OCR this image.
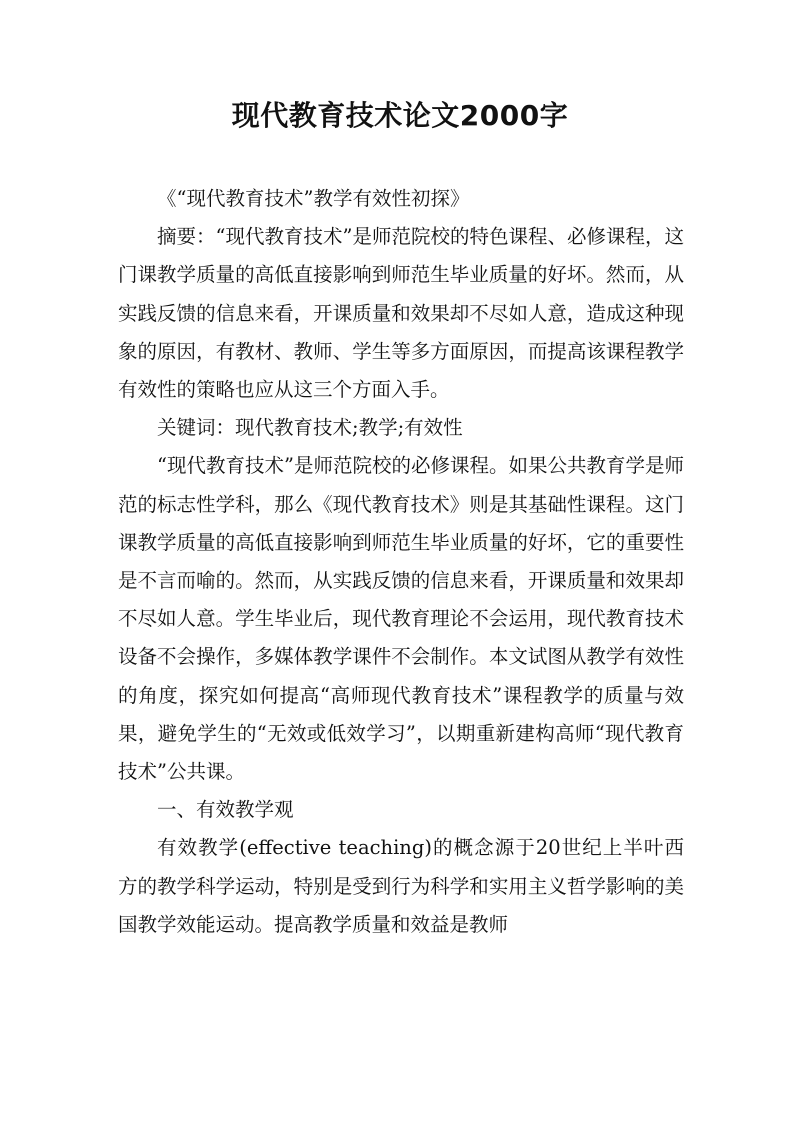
现代教育技术论文2000字

《“现代教育技术”教学有效性初探》

摘要：“现代教育技术”是师范院校的特色课程、必修课程，这门课教学质量的高低直接影响到师范生毕业质量的好坏。然而，从实践反馈的信息来看，开课质量和效果却不尽如人意，造成这种现象的原因，有教材、教师、学生等多方面原因，而提高该课程教学有效性的策略也应从这三个方面入手。

关键词：现代教育技术;教学;有效性

“现代教育技术”是师范院校的必修课程。如果公共教育学是师范的标志性学科，那么《现代教育技术》则是其基础性课程。这门课教学质量的高低直接影响到师范生毕业质量的好坏，它的重要性是不言而喻的。然而，从实践反馈的信息来看，开课质量和效果却不尽如人意。学生毕业后，现代教育理论不会运用，现代教育技术设备不会操作，多媒体教学课件不会制作。本文试图从教学有效性的角度，探究如何提高“高师现代教育技术”课程教学的质量与效果，避免学生的“无效或低效学习”，以期重新建构高师“现代教育技术”公共课。

一、有效教学观

有效教学(effective teaching)的概念源于20世纪上半叶西方的教学科学运动，特别是受到行为科学和实用主义哲学影响的美国教学效能运动。提高教学质量和效益是教师
